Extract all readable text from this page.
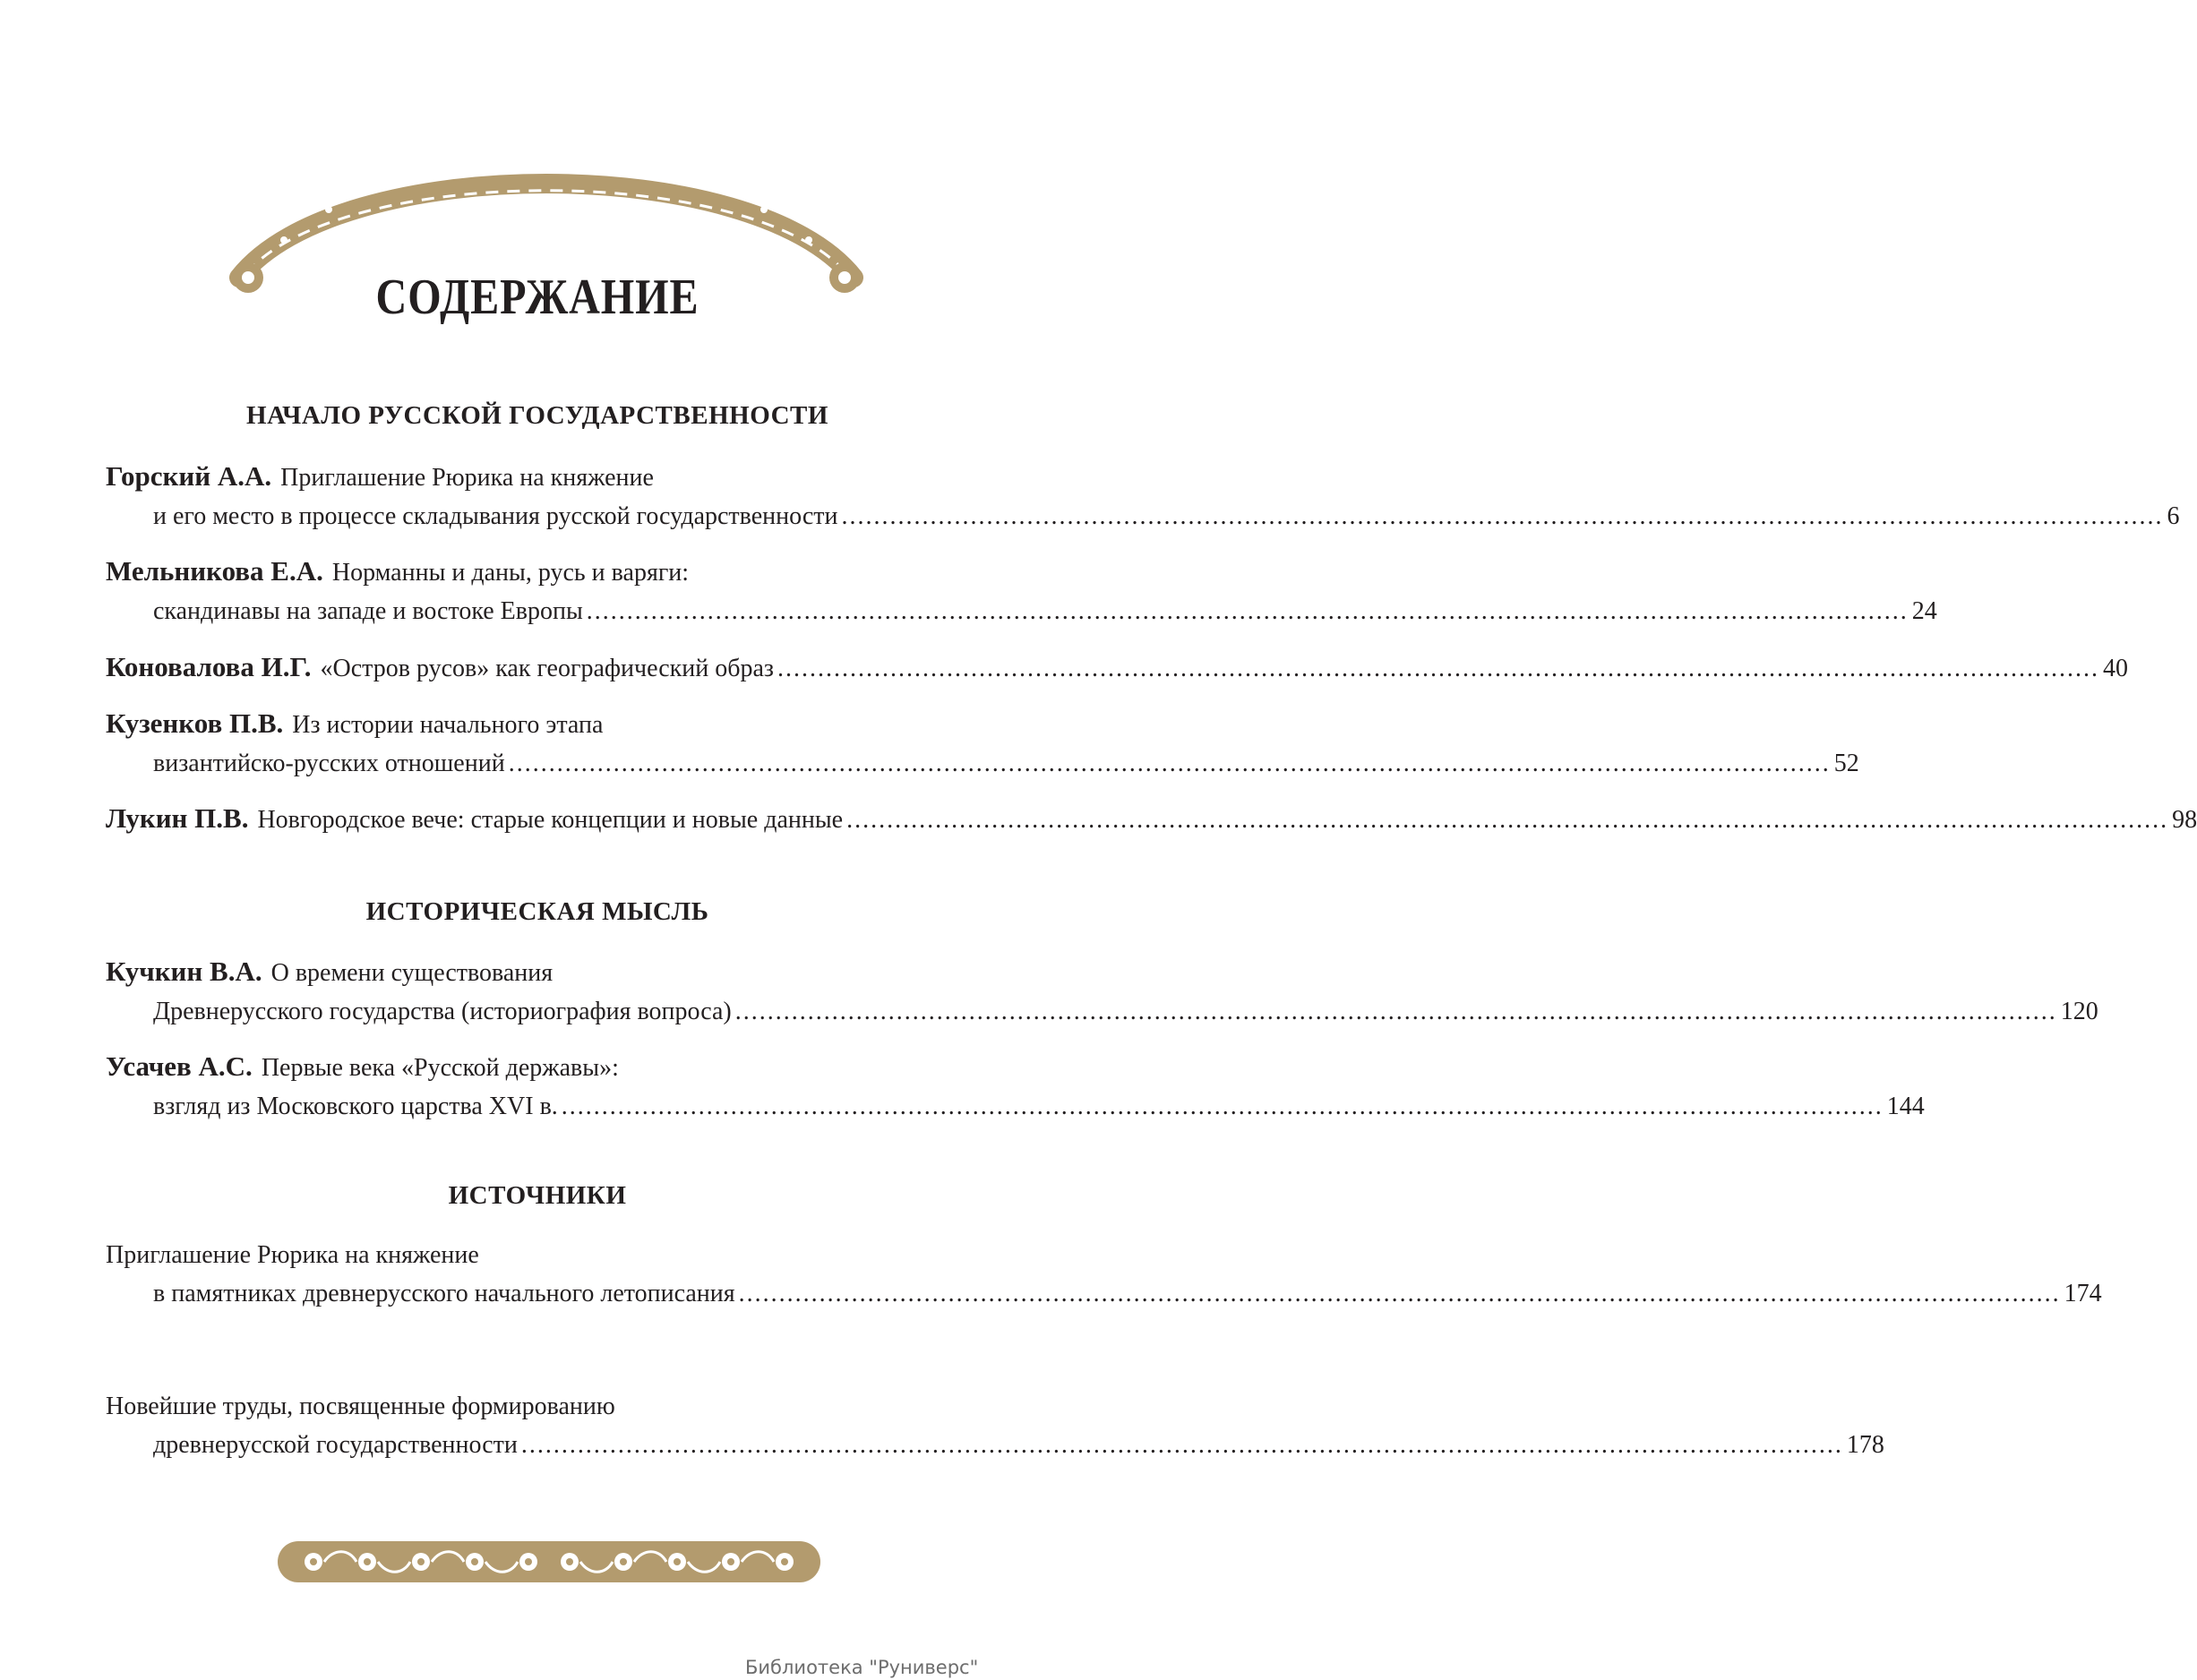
СОДЕРЖАНИЕ
НАЧАЛО РУССКОЙ ГОСУДАРСТВЕННОСТИ
Горский А.А. Приглашение Рюрика на княжение
и его место в процессе складывания русской государственности .................................................................................................................................................................... 6
Мельникова Е.А. Норманны и даны, русь и варяги:
скандинавы на западе и востоке Европы .................................................................................................................................................................... 24
Коновалова И.Г. «Остров русов» как географический образ .................................................................................................................................................................... 40
Кузенков П.В. Из истории начального этапа
византийско-русских отношений .................................................................................................................................................................... 52
Лукин П.В. Новгородское вече: старые концепции и новые данные .................................................................................................................................................................... 98
ИСТОРИЧЕСКАЯ МЫСЛЬ
Кучкин В.А. О времени существования
Древнерусского государства (историография вопроса) .................................................................................................................................................................... 120
Усачев А.С. Первые века «Русской державы»:
взгляд из Московского царства XVI в. .................................................................................................................................................................... 144
ИСТОЧНИКИ
Приглашение Рюрика на княжение
в памятниках древнерусского начального летописания .................................................................................................................................................................... 174
Новейшие труды, посвященные формированию
древнерусской государственности .................................................................................................................................................................... 178
Библиотека "Руниверс"
